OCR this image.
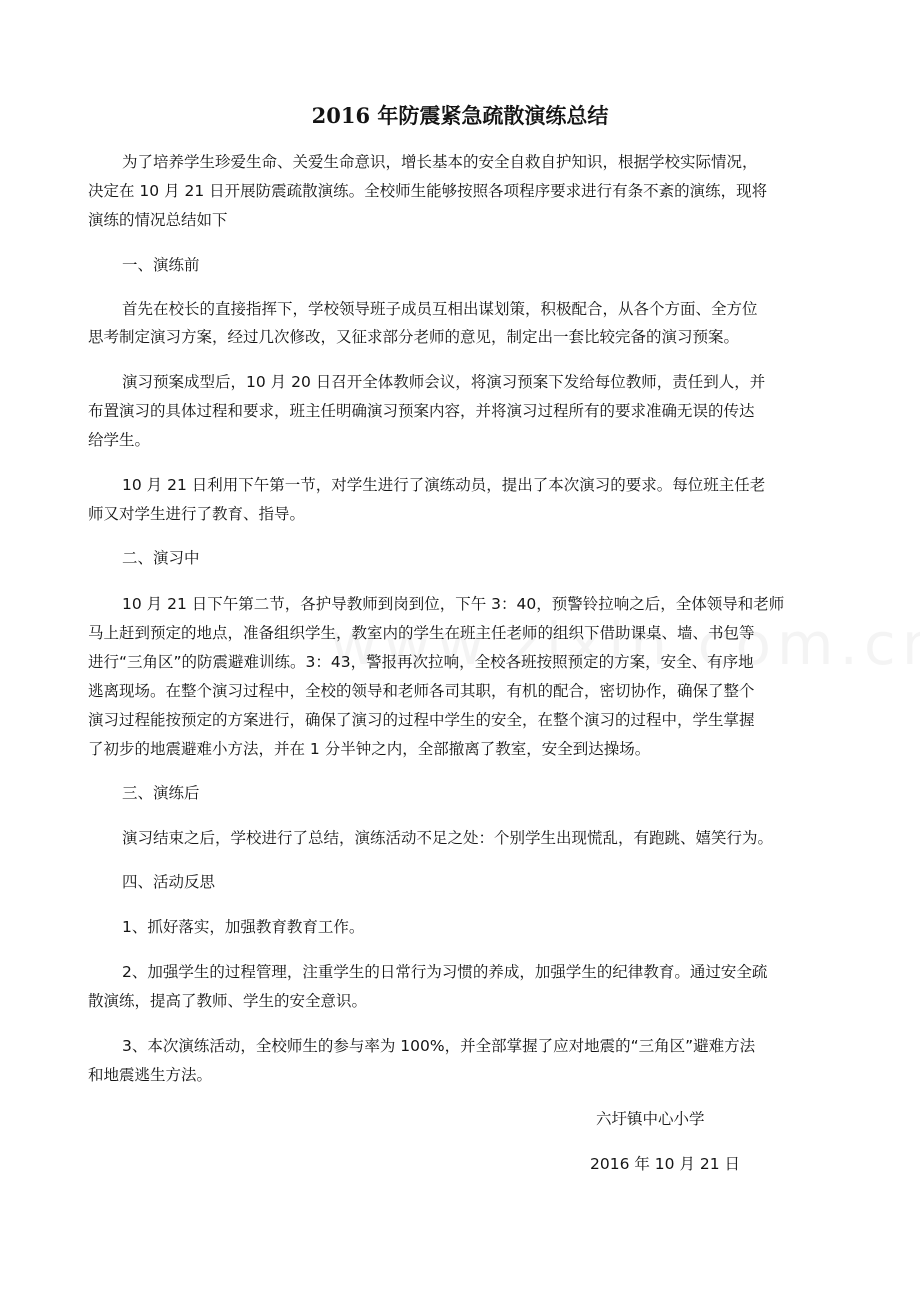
2016 年防震紧急疏散演练总结
为了培养学生珍爱生命、关爱生命意识，增长基本的安全自救自护知识，根据学校实际情况，
决定在 10 月 21 日开展防震疏散演练。全校师生能够按照各项程序要求进行有条不紊的演练，现将
演练的情况总结如下
一、演练前
首先在校长的直接指挥下，学校领导班子成员互相出谋划策，积极配合，从各个方面、全方位
思考制定演习方案，经过几次修改，又征求部分老师的意见，制定出一套比较完备的演习预案。
演习预案成型后，10 月 20 日召开全体教师会议，将演习预案下发给每位教师，责任到人，并
布置演习的具体过程和要求，班主任明确演习预案内容，并将演习过程所有的要求准确无误的传达
给学生。
10 月 21 日利用下午第一节，对学生进行了演练动员，提出了本次演习的要求。每位班主任老
师又对学生进行了教育、指导。
二、演习中
10 月 21 日下午第二节，各护导教师到岗到位，下午 3：40，预警铃拉响之后，全体领导和老师
马上赶到预定的地点，准备组织学生，教室内的学生在班主任老师的组织下借助课桌、墙、书包等
进行“三角区”的防震避难训练。3：43，警报再次拉响，全校各班按照预定的方案，安全、有序地
逃离现场。在整个演习过程中，全校的领导和老师各司其职，有机的配合，密切协作，确保了整个
演习过程能按预定的方案进行，确保了演习的过程中学生的安全，在整个演习的过程中，学生掌握
了初步的地震避难小方法，并在 1 分半钟之内，全部撤离了教室，安全到达操场。
三、演练后
演习结束之后，学校进行了总结，演练活动不足之处：个别学生出现慌乱，有跑跳、嬉笑行为。
四、活动反思
1、抓好落实，加强教育教育工作。
2、加强学生的过程管理，注重学生的日常行为习惯的养成，加强学生的纪律教育。通过安全疏
散演练，提高了教师、学生的安全意识。
3、本次演练活动，全校师生的参与率为 100%，并全部掌握了应对地震的“三角区”避难方法
和地震逃生方法。
六圩镇中心小学
2016 年 10 月 21 日
